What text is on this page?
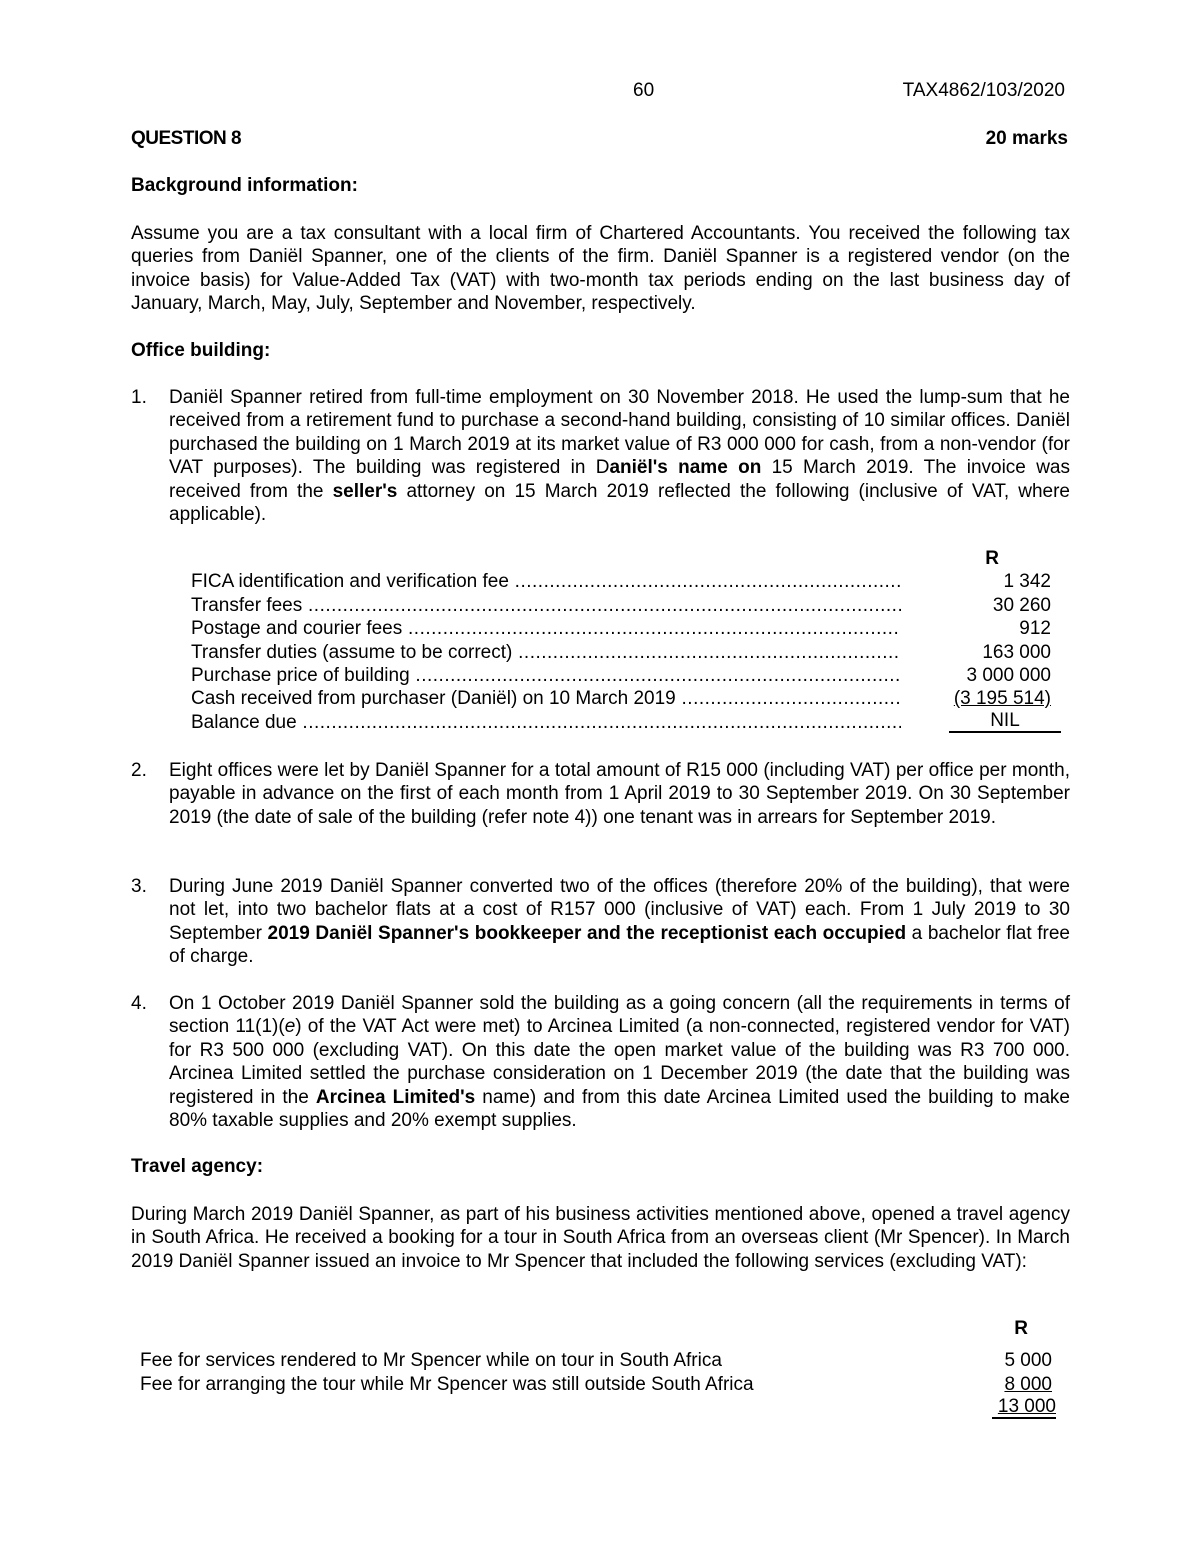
60	TAX4862/103/2020
QUESTION 8	20 marks
Background information:
Assume you are a tax consultant with a local firm of Chartered Accountants. You received the following tax queries from Daniël Spanner, one of the clients of the firm. Daniël Spanner is a registered vendor (on the invoice basis) for Value-Added Tax (VAT) with two-month tax periods ending on the last business day of January, March, May, July, September and November, respectively.
Office building:
1. Daniël Spanner retired from full-time employment on 30 November 2018. He used the lump-sum that he received from a retirement fund to purchase a second-hand building, consisting of 10 similar offices. Daniël purchased the building on 1 March 2019 at its market value of R3 000 000 for cash, from a non-vendor (for VAT purposes). The building was registered in Daniël's name on 15 March 2019. The invoice was received from the seller's attorney on 15 March 2019 reflected the following (inclusive of VAT, where applicable).
R
FICA identification and verification fee .....	1 342
Transfer fees .....	30 260
Postage and courier fees .....	912
Transfer duties (assume to be correct) .....	163 000
Purchase price of building .....	3 000 000
Cash received from purchaser (Daniël) on 10 March 2019 .....	(3 195 514)
Balance due .....	NIL
2. Eight offices were let by Daniël Spanner for a total amount of R15 000 (including VAT) per office per month, payable in advance on the first of each month from 1 April 2019 to 30 September 2019. On 30 September 2019 (the date of sale of the building (refer note 4)) one tenant was in arrears for September 2019.
3. During June 2019 Daniël Spanner converted two of the offices (therefore 20% of the building), that were not let, into two bachelor flats at a cost of R157 000 (inclusive of VAT) each. From 1 July 2019 to 30 September 2019 Daniël Spanner's bookkeeper and the receptionist each occupied a bachelor flat free of charge.
4. On 1 October 2019 Daniël Spanner sold the building as a going concern (all the requirements in terms of section 11(1)(e) of the VAT Act were met) to Arcinea Limited (a non-connected, registered vendor for VAT) for R3 500 000 (excluding VAT). On this date the open market value of the building was R3 700 000. Arcinea Limited settled the purchase consideration on 1 December 2019 (the date that the building was registered in the Arcinea Limited's name) and from this date Arcinea Limited used the building to make 80% taxable supplies and 20% exempt supplies.
Travel agency:
During March 2019 Daniël Spanner, as part of his business activities mentioned above, opened a travel agency in South Africa. He received a booking for a tour in South Africa from an overseas client (Mr Spencer). In March 2019 Daniël Spanner issued an invoice to Mr Spencer that included the following services (excluding VAT):
R
Fee for services rendered to Mr Spencer while on tour in South Africa	5 000
Fee for arranging the tour while Mr Spencer was still outside South Africa	8 000
13 000
